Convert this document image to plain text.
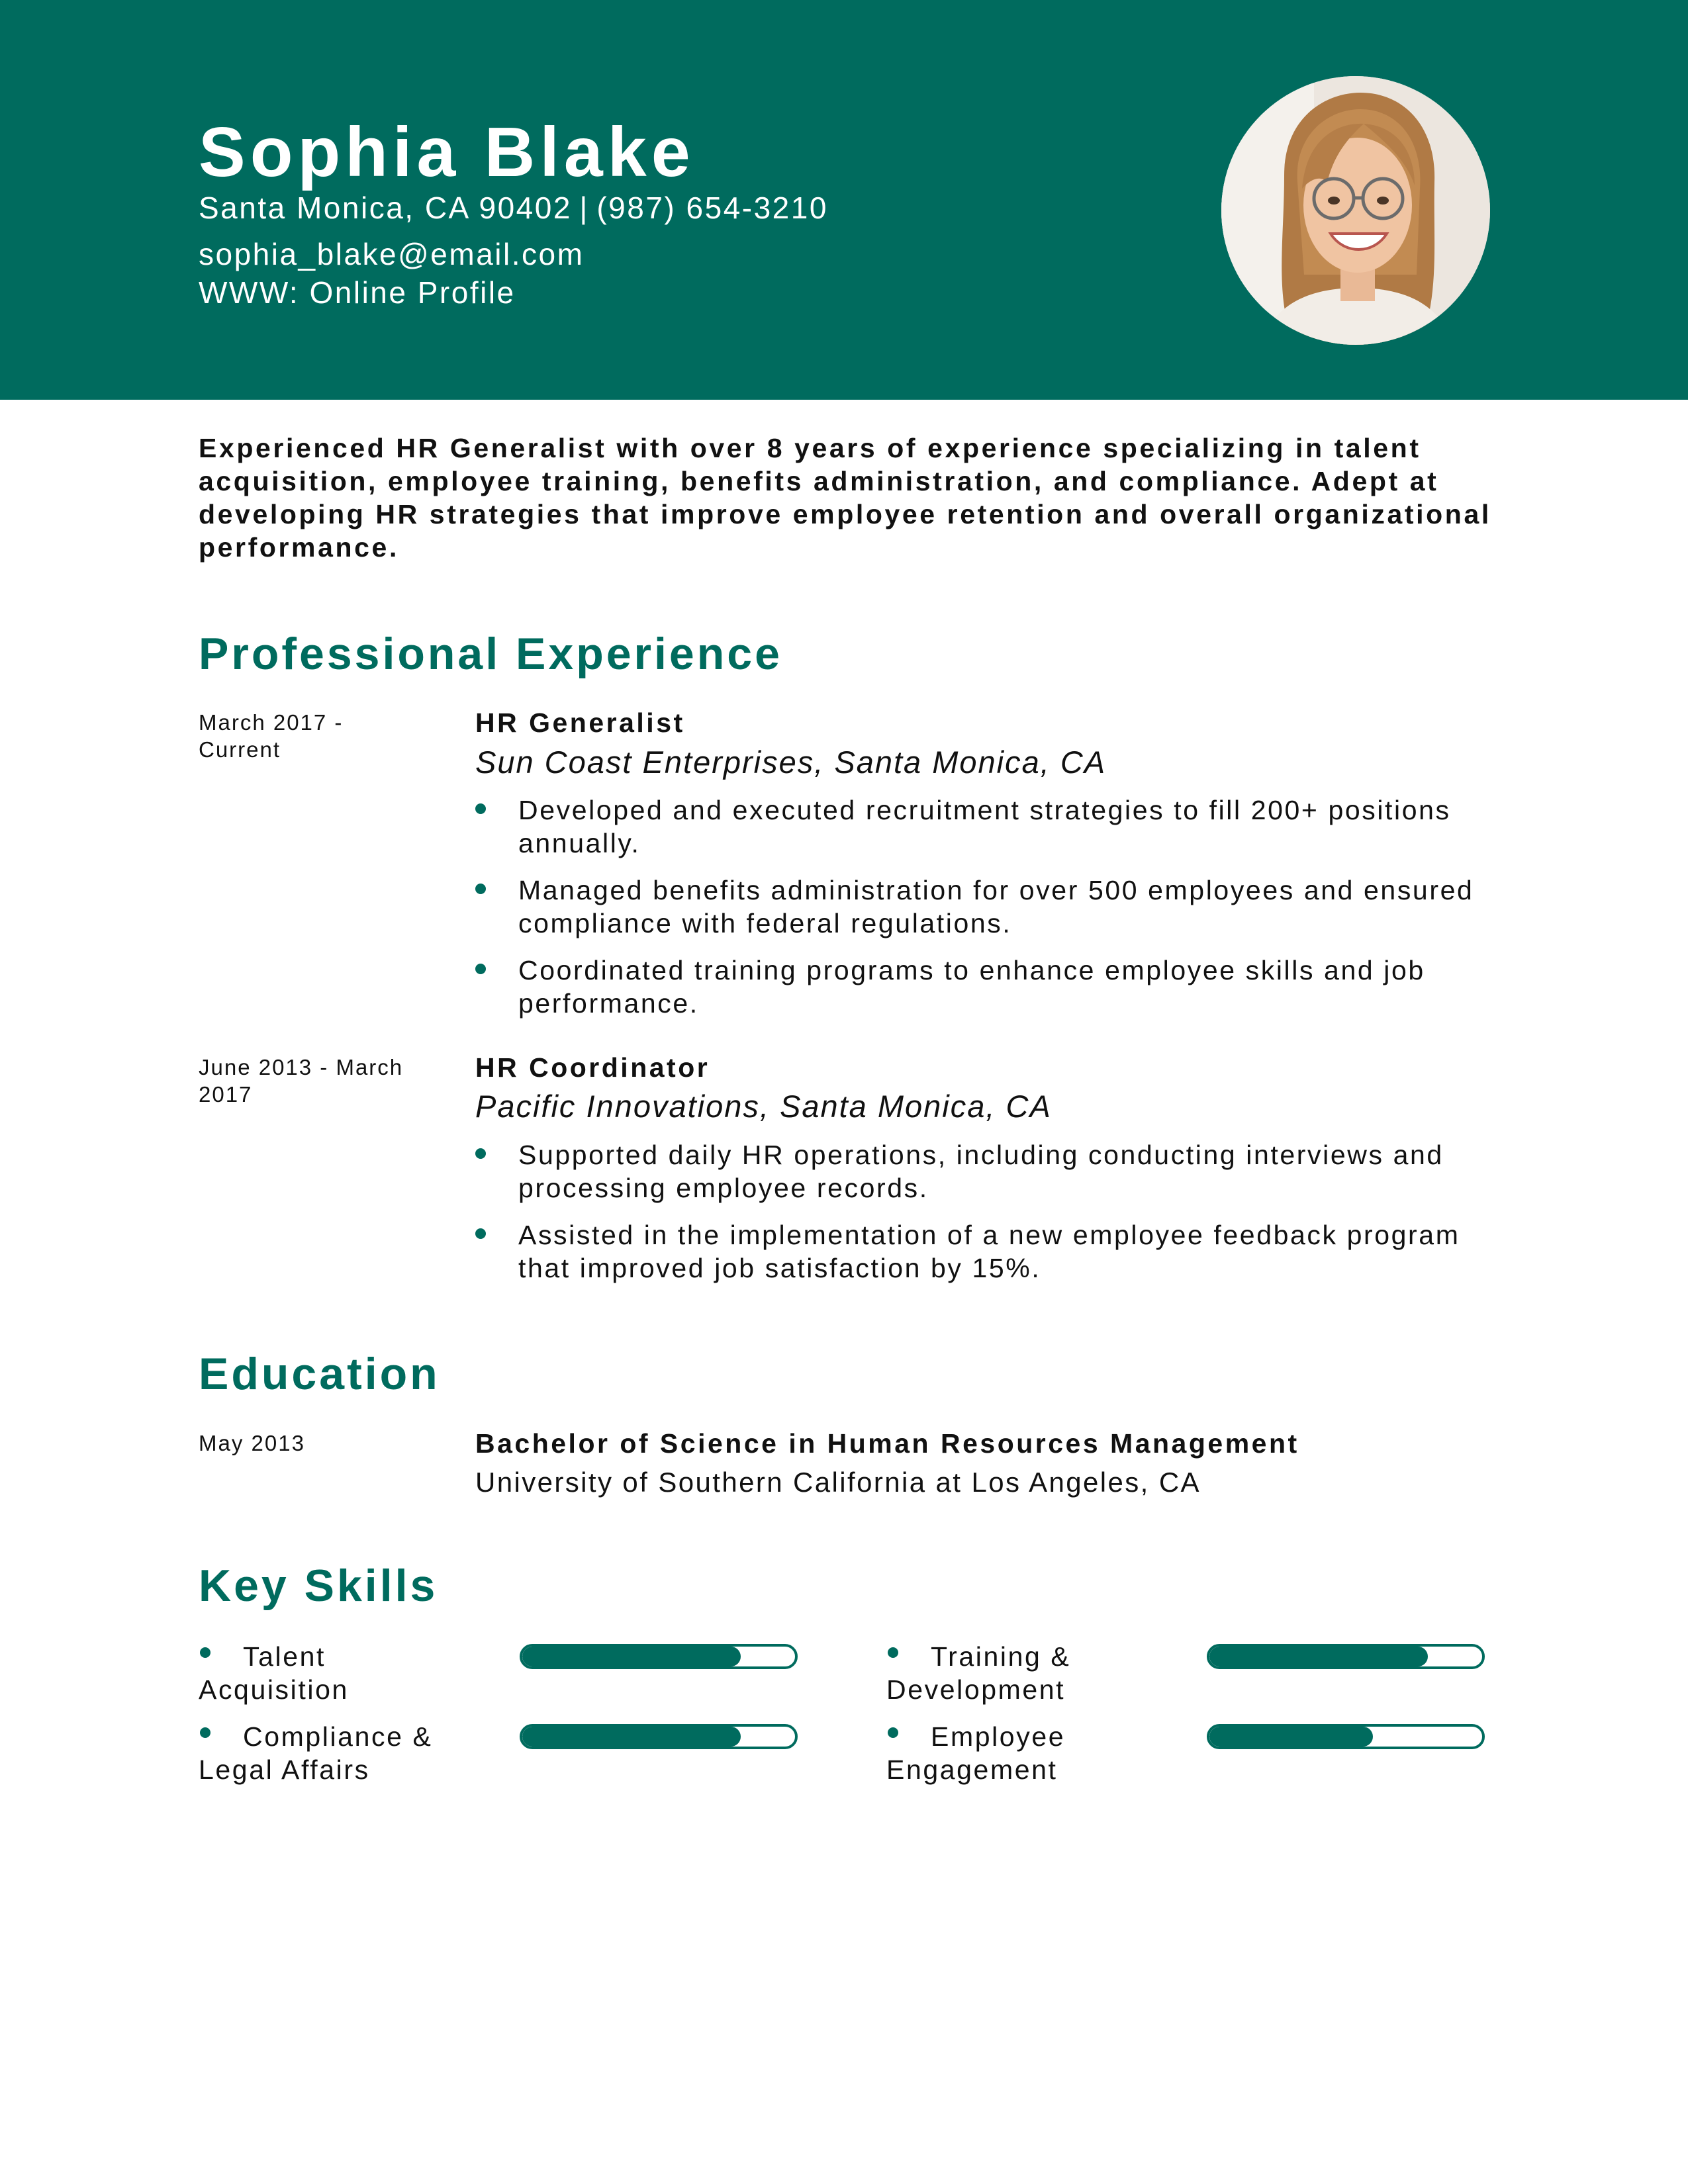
Sophia Blake
Santa Monica, CA 90402 | (987) 654-3210
sophia_blake@email.com
WWW: Online Profile

Experienced HR Generalist with over 8 years of experience specializing in talent acquisition, employee training, benefits administration, and compliance. Adept at developing HR strategies that improve employee retention and overall organizational performance.

Professional Experience
March 2017 -
Current
HR Generalist
Sun Coast Enterprises, Santa Monica, CA
Developed and executed recruitment strategies to fill 200+ positions annually.
Managed benefits administration for over 500 employees and ensured compliance with federal regulations.
Coordinated training programs to enhance employee skills and job performance.
June 2013 - March
2017
HR Coordinator
Pacific Innovations, Santa Monica, CA
Supported daily HR operations, including conducting interviews and processing employee records.
Assisted in the implementation of a new employee feedback program that improved job satisfaction by 15%.
Education
May 2013	Bachelor of Science in Human Resources Management
University of Southern California at Los Angeles, CA
Key Skills
Talent
Acquisition
Training &
Development
Compliance &
Legal Affairs
Employee
Engagement
